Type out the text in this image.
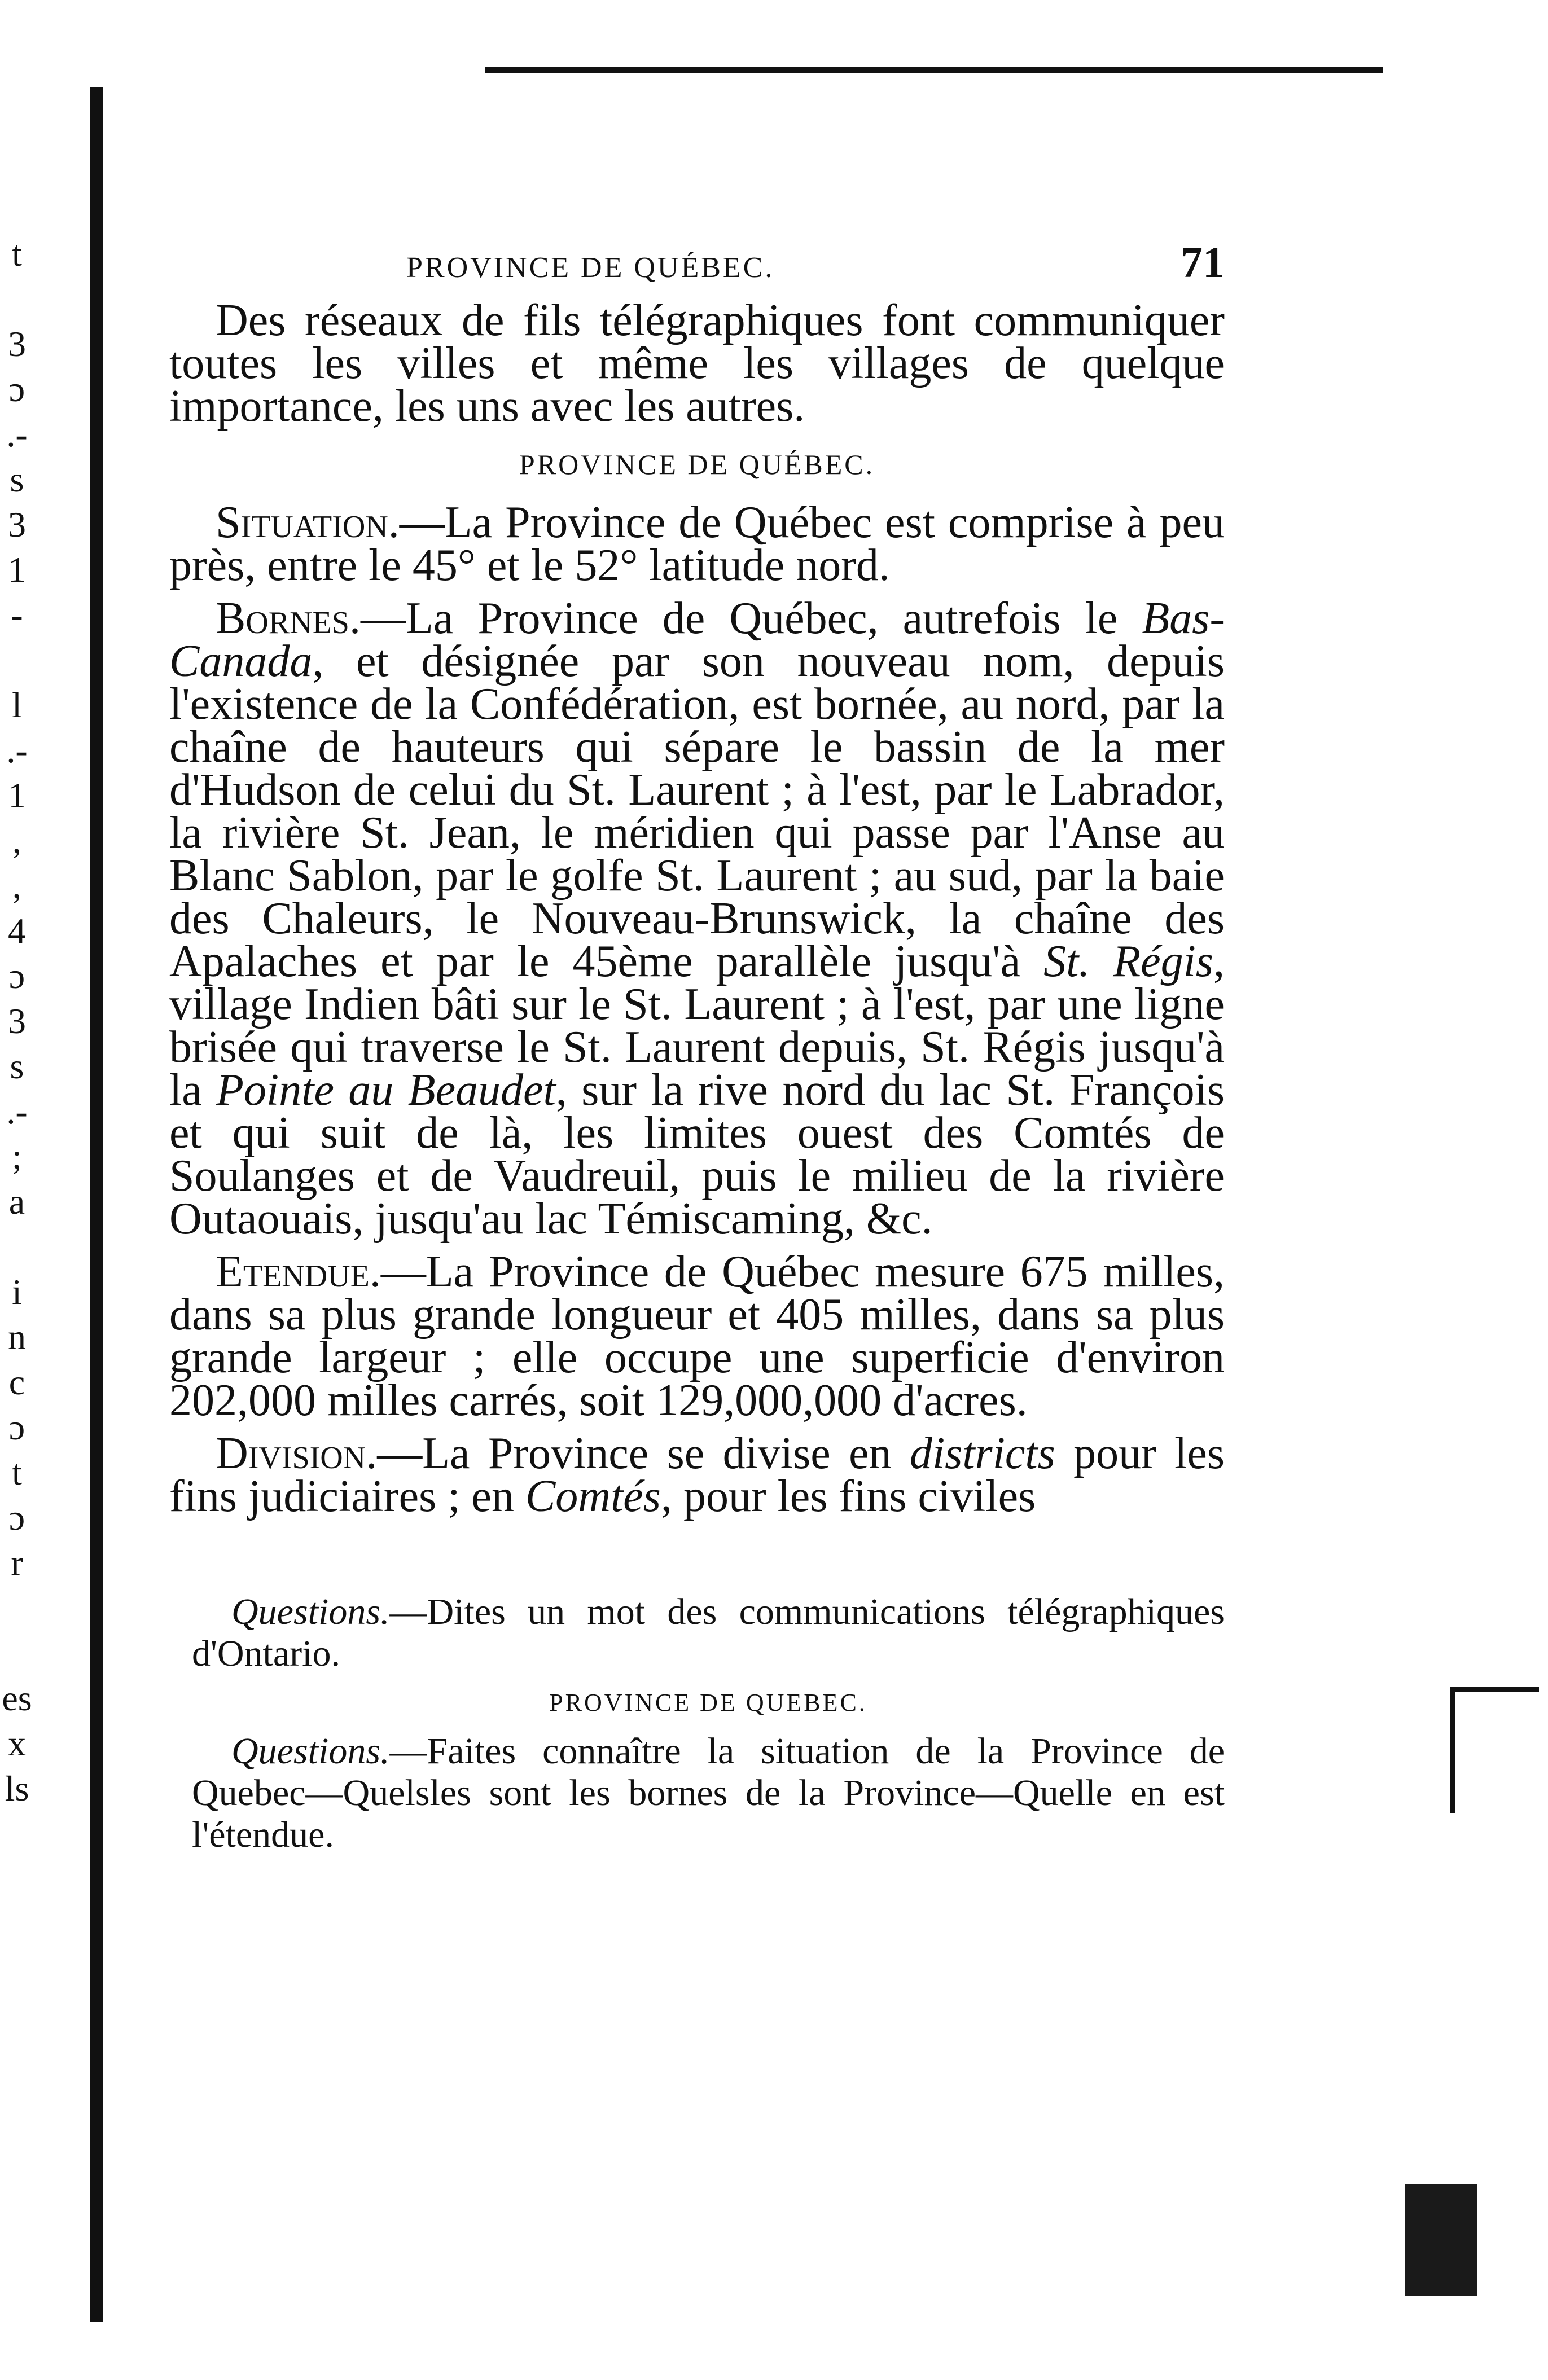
t
3
ɔ
.-
s
3
1
-
l
.-
1
,
,
4
ɔ
3
s
.-
;
a
i
n
c
ɔ
t
ɔ
r
es
x
ls
PROVINCE DE QUÉBEC.	71

Des réseaux de fils télégraphiques font communiquer toutes les villes et même les villages de quelque importance, les uns avec les autres.

PROVINCE DE QUÉBEC.

Situation.—La Province de Québec est comprise à peu près, entre le 45° et le 52° latitude nord.

Bornes.—La Province de Québec, autrefois le Bas-Canada, et désignée par son nouveau nom, depuis l'existence de la Confédération, est bornée, au nord, par la chaîne de hauteurs qui sépare le bassin de la mer d'Hudson de celui du St. Laurent ; à l'est, par le Labrador, la rivière St. Jean, le méridien qui passe par l'Anse au Blanc Sablon, par le golfe St. Laurent ; au sud, par la baie des Chaleurs, le Nouveau-Brunswick, la chaîne des Apalaches et par le 45ème parallèle jusqu'à St. Régis, village Indien bâti sur le St. Laurent ; à l'est, par une ligne brisée qui traverse le St. Laurent depuis, St. Régis jusqu'à la Pointe au Beaudet, sur la rive nord du lac St. François et qui suit de là, les limites ouest des Comtés de Soulanges et de Vaudreuil, puis le milieu de la rivière Outaouais, jusqu'au lac Témiscaming, &c.

Etendue.—La Province de Québec mesure 675 milles, dans sa plus grande longueur et 405 milles, dans sa plus grande largeur ; elle occupe une superficie d'environ 202,000 milles carrés, soit 129,000,000 d'acres.

Division.—La Province se divise en districts pour les fins judiciaires ; en Comtés, pour les fins civiles

Questions.—Dites un mot des communications télégraphiques d'Ontario.

PROVINCE DE QUEBEC.

Questions.—Faites connaître la situation de la Province de Quebec—Quelsles sont les bornes de la Province—Quelle en est l'étendue.
